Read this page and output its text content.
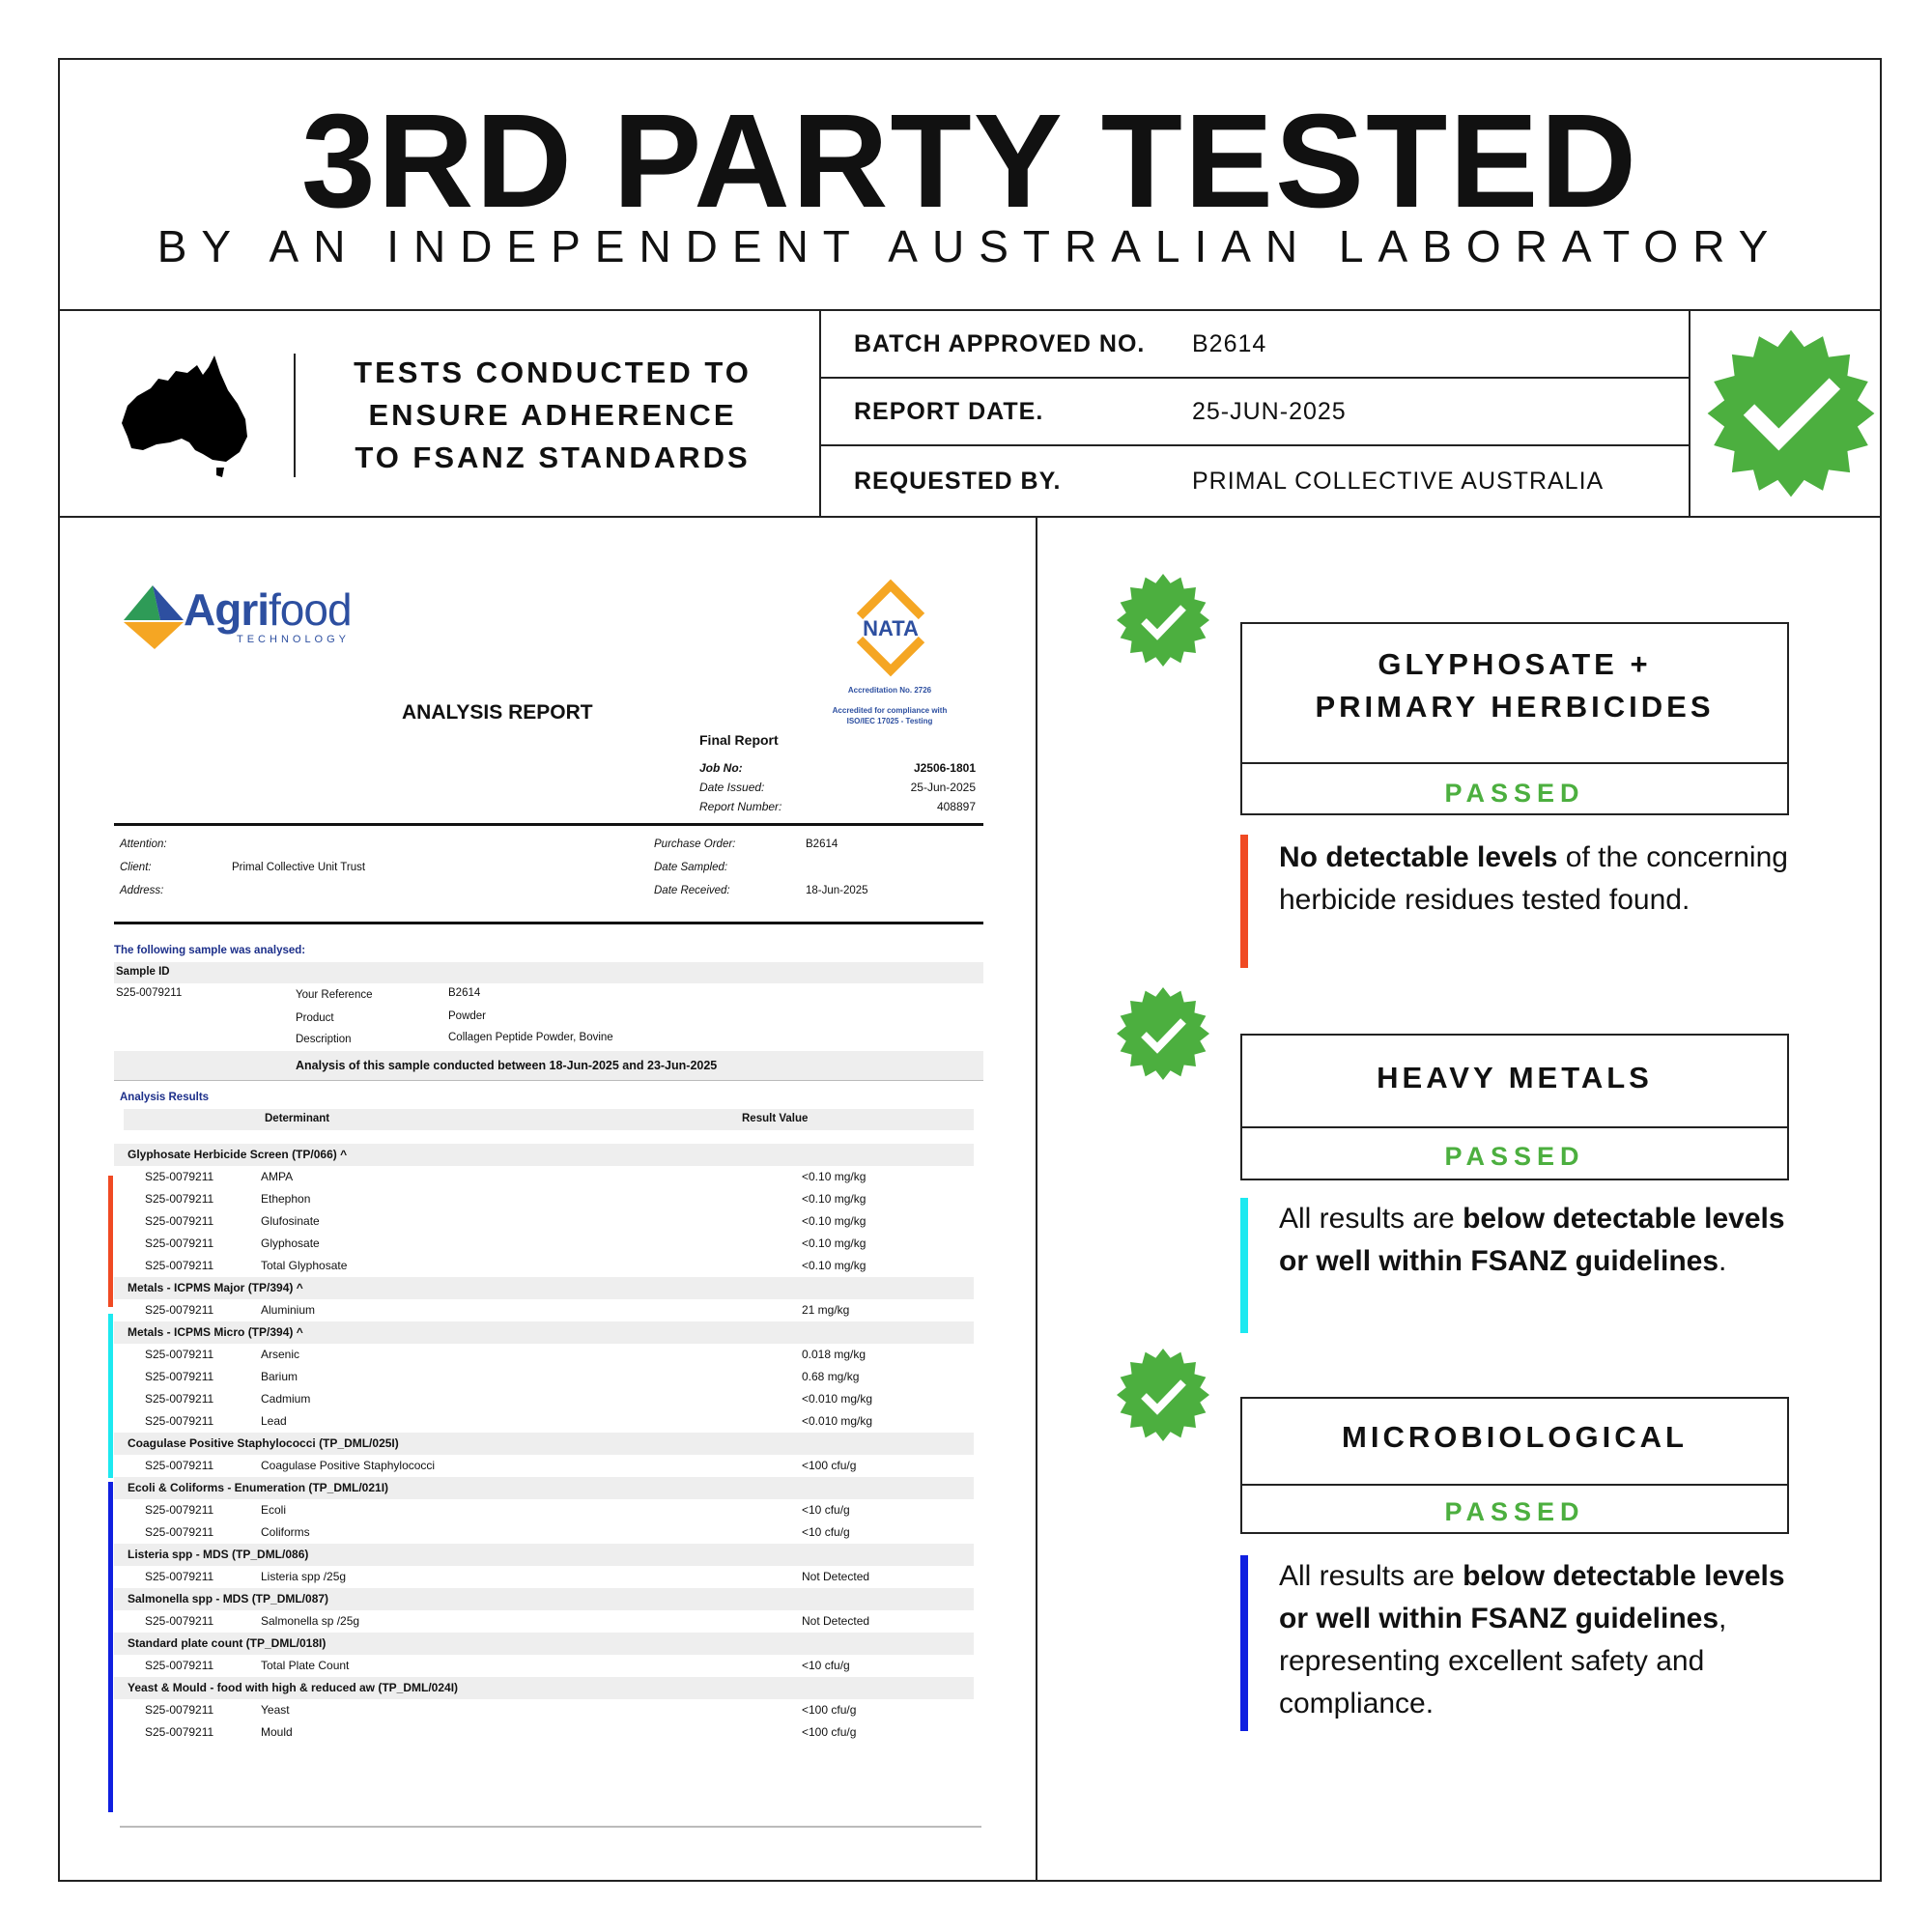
3RD PARTY TESTED
BY AN INDEPENDENT AUSTRALIAN LABORATORY
TESTS CONDUCTED TO
ENSURE ADHERENCE
TO FSANZ STANDARDS
BATCH APPROVED NO. B2614
REPORT DATE.	25-JUN-2025
REQUESTED BY.	PRIMAL COLLECTIVE AUSTRALIA
Agrifood
TECHNOLOGY	NATA
Accreditation No. 2726
Accredited for compliance with
ISO/IEC 17025 - Testing
ANALYSIS REPORT
Final Report
Job No:	J2506-1801
Date Issued:	25-Jun-2025
Report Number:	408897
Attention:
Client:	Primal Collective Unit Trust
Address:
Purchase Order:	B2614
Date Sampled:
Date Received:	18-Jun-2025
The following sample was analysed:
Sample ID
S25-0079211	Your Reference	B2614
Product	Powder
Description	Collagen Peptide Powder, Bovine
Analysis of this sample conducted between 18-Jun-2025 and 23-Jun-2025
Analysis Results
Determinant	Result Value
Glyphosate Herbicide Screen (TP/066) ^
S25-0079211	AMPA	<0.10 mg/kg
S25-0079211	Ethephon	<0.10 mg/kg
S25-0079211	Glufosinate	<0.10 mg/kg
S25-0079211	Glyphosate	<0.10 mg/kg
S25-0079211	Total Glyphosate	<0.10 mg/kg
Metals - ICPMS Major (TP/394) ^
S25-0079211	Aluminium	21 mg/kg
Metals - ICPMS Micro (TP/394) ^
S25-0079211	Arsenic	0.018 mg/kg
S25-0079211	Barium	0.68 mg/kg
S25-0079211	Cadmium	<0.010 mg/kg
S25-0079211	Lead	<0.010 mg/kg
Coagulase Positive Staphylococci (TP_DML/025I)
S25-0079211	Coagulase Positive Staphylococci	<100 cfu/g
Ecoli & Coliforms - Enumeration (TP_DML/021I)
S25-0079211	Ecoli	<10 cfu/g
S25-0079211	Coliforms	<10 cfu/g
Listeria spp - MDS (TP_DML/086)
S25-0079211	Listeria spp /25g	Not Detected
Salmonella spp - MDS (TP_DML/087)
S25-0079211	Salmonella sp /25g	Not Detected
Standard plate count (TP_DML/018I)
S25-0079211	Total Plate Count	<10 cfu/g
Yeast & Mould - food with high & reduced aw (TP_DML/024I)
S25-0079211	Yeast	<100 cfu/g
S25-0079211	Mould	<100 cfu/g
GLYPHOSATE +
PRIMARY HERBICIDES
PASSED
No detectable levels of the concerning herbicide residues tested found.
HEAVY METALS
PASSED
All results are below detectable levels or well within FSANZ guidelines.
MICROBIOLOGICAL
PASSED
All results are below detectable levels or well within FSANZ guidelines, representing excellent safety and compliance.
